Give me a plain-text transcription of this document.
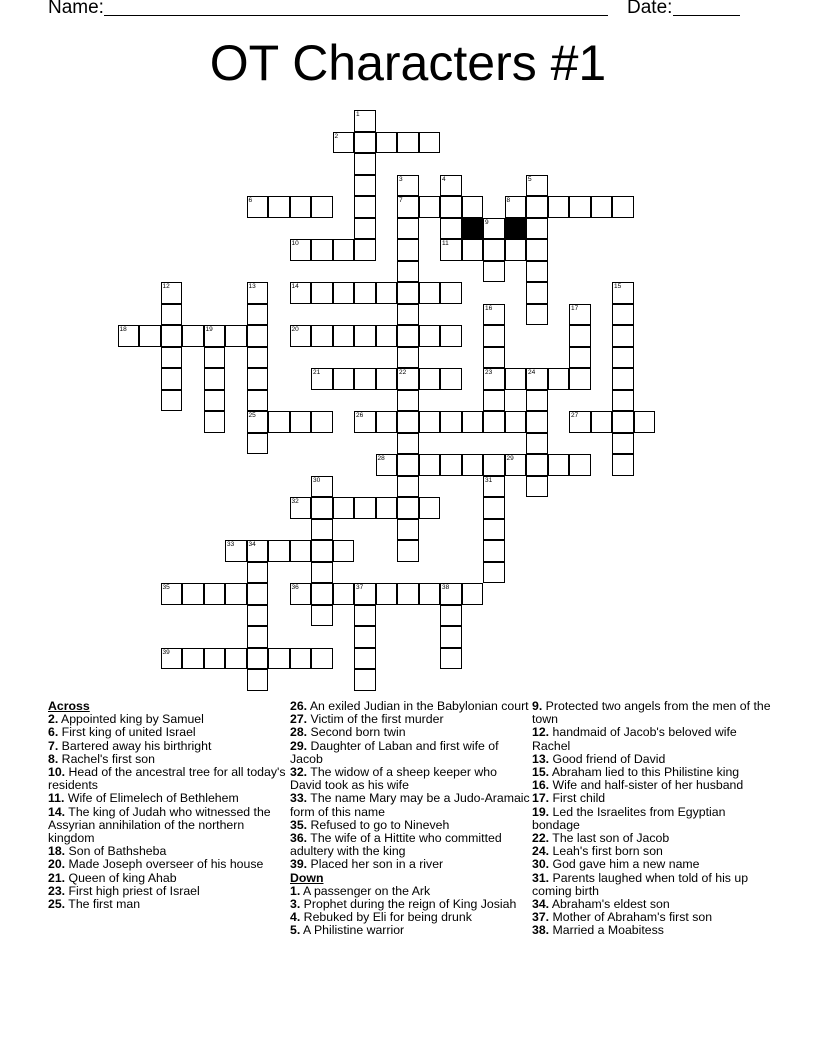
Name:	Date:
OT Characters #1
1
2
3
7
22
4
11
5
6	8
9
10
12	13
25
14	15
16
23
17
18	19	20
21	24
26	27
28	29
30	31
32
33 34
35	36	37	38
39
Across
2. Appointed king by Samuel
6. First king of united Israel
7. Bartered away his birthright
8. Rachel's first son
10. Head of the ancestral tree for all today's residents
11. Wife of Elimelech of Bethlehem
14. The king of Judah who witnessed the Assyrian annihilation of the northern kingdom
18. Son of Bathsheba
20. Made Joseph overseer of his house
21. Queen of king Ahab
23. First high priest of Israel
25. The first man
26. An exiled Judian in the Babylonian court
27. Victim of the first murder
28. Second born twin
29. Daughter of Laban and first wife of Jacob
32. The widow of a sheep keeper who David took as his wife
33. The name Mary may be a Judo-Aramaic form of this name
35. Refused to go to Nineveh
36. The wife of a Hittite who committed adultery with the king
39. Placed her son in a river
Down
1. A passenger on the Ark
3. Prophet during the reign of King Josiah
4. Rebuked by Eli for being drunk
5. A Philistine warrior
9. Protected two angels from the men of the town
12. handmaid of Jacob's beloved wife Rachel
13. Good friend of David
15. Abraham lied to this Philistine king
16. Wife and half-sister of her husband
17. First child
19. Led the Israelites from Egyptian bondage
22. The last son of Jacob
24. Leah's first born son
30. God gave him a new name
31. Parents laughed when told of his up coming birth
34. Abraham's eldest son
37. Mother of Abraham's first son
38. Married a Moabitess
